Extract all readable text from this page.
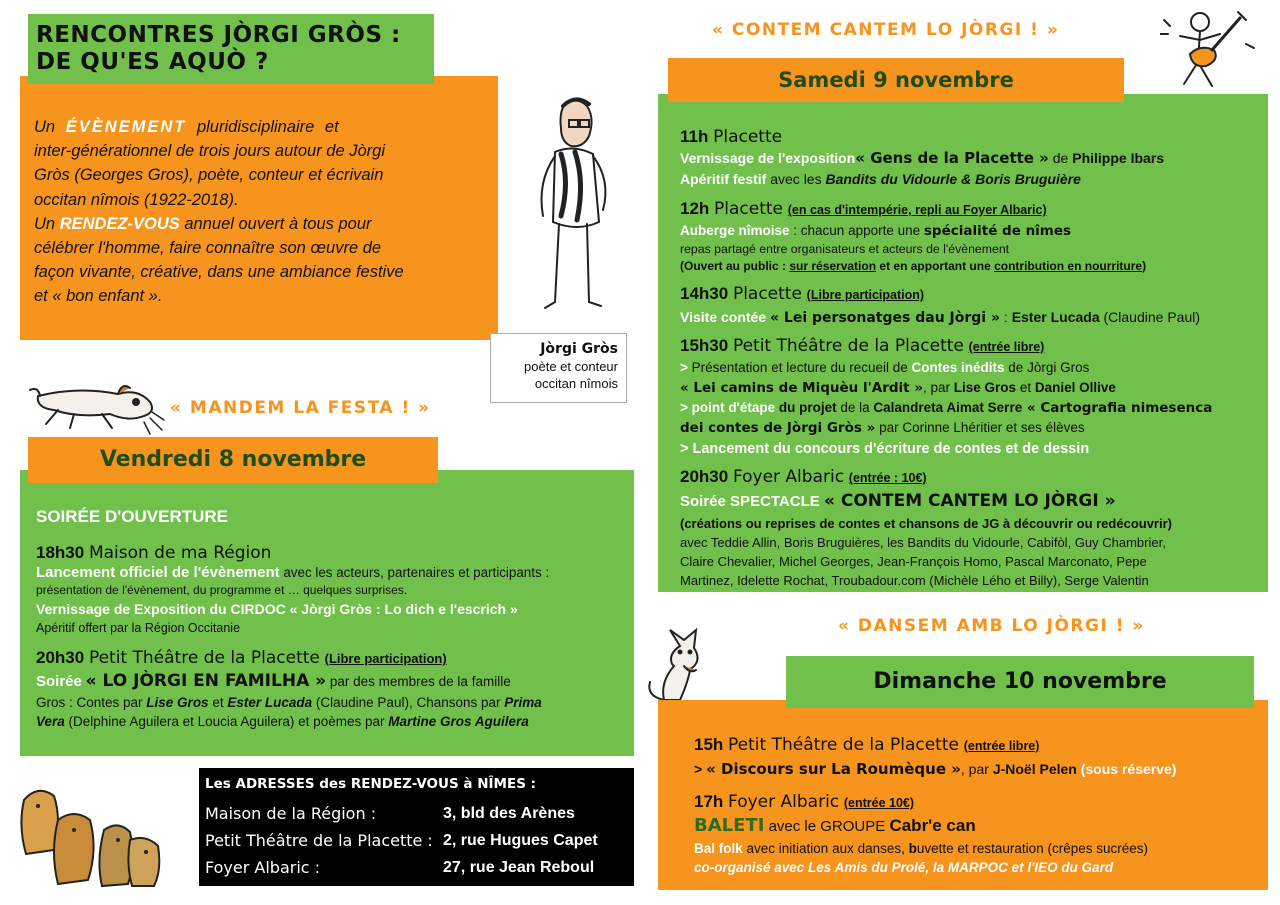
RENCONTRES JÒRGI GRÒS :
DE QU'ES AQUÒ ?
Un ÉVÈNEMENT pluridisciplinaire et
inter-générationnel de trois jours autour de Jòrgi
Gròs (Georges Gros), poète, conteur et écrivain
occitan nîmois (1922-2018).
Un RENDEZ-VOUS annuel ouvert à tous pour
célébrer l'homme, faire connaître son œuvre de
façon vivante, créative, dans une ambiance festive
et « bon enfant ».
Jòrgi Gròs
poète et conteur
occitan nîmois
« MANDEM LA FESTA ! »
Vendredi 8 novembre
SOIRÉE D'OUVERTURE
18h30 Maison de ma Région
Lancement officiel de l'évènement avec les acteurs, partenaires et participants :
présentation de l'évènement, du programme et … quelques surprises.
Vernissage de Exposition du CIRDOC « Jòrgi Gròs : Lo dich e l'escrich »
Apéritif offert par la Région Occitanie
20h30 Petit Théâtre de la Placette (Libre participation)
Soirée « LO JÒRGI EN FAMILHA » par des membres de la famille
Gros : Contes par Lise Gros et Ester Lucada (Claudine Paul), Chansons par Prima
Vera (Delphine Aguilera et Loucia Aguilera) et poèmes par Martine Gros Aguilera
Les ADRESSES des RENDEZ-VOUS à NÎMES :
Maison de la Région :	3, bld des Arènes
Petit Théâtre de la Placette : 2, rue Hugues Capet
Foyer Albaric :	27, rue Jean Reboul
« CONTEM CANTEM LO JÒRGI ! »
Samedi 9 novembre
11h Placette
Vernissage de l'exposition« Gens de la Placette » de Philippe Ibars
Apéritif festif avec les Bandits du Vidourle & Boris Bruguière
12h Placette (en cas d'intempérie, repli au Foyer Albaric)
Auberge nîmoise : chacun apporte une spécialité de nîmes
repas partagé entre organisateurs et acteurs de l'évènement
(Ouvert au public : sur réservation et en apportant une contribution en nourriture)
14h30 Placette (Libre participation)
Visite contée « Lei personatges dau Jòrgi » : Ester Lucada (Claudine Paul)
15h30 Petit Théâtre de la Placette (entrée libre)
> Présentation et lecture du recueil de Contes inédits de Jòrgi Gros
« Lei camins de Miquèu l'Ardit », par Lise Gros et Daniel Ollive
> point d'étape du projet de la Calandreta Aimat Serre « Cartografia nimesenca
dei contes de Jòrgi Gròs » par Corinne Lhéritier et ses élèves
> Lancement du concours d'écriture de contes et de dessin
20h30 Foyer Albaric (entrée : 10€)
Soirée SPECTACLE « CONTEM CANTEM LO JÒRGI »
(créations ou reprises de contes et chansons de JG à découvrir ou redécouvrir)
avec Teddie Allin, Boris Bruguières, les Bandits du Vidourle, Cabifòl, Guy Chambrier,
Claire Chevalier, Michel Georges, Jean-François Homo, Pascal Marconato, Pepe
Martinez, Idelette Rochat, Troubadour.com (Michèle Lého et Billy), Serge Valentin
« DANSEM AMB LO JÒRGI ! »
Dimanche 10 novembre
15h Petit Théâtre de la Placette (entrée libre)
> « Discours sur La Roumèque », par J-Noël Pelen (sous réserve)
17h Foyer Albaric (entrée 10€)
BALETI avec le GROUPE Cabr'e can
Bal folk avec initiation aux danses, buvette et restauration (crêpes sucrées)
co-organisé avec Les Amis du Prolé, la MARPOC et l'IEO du Gard
